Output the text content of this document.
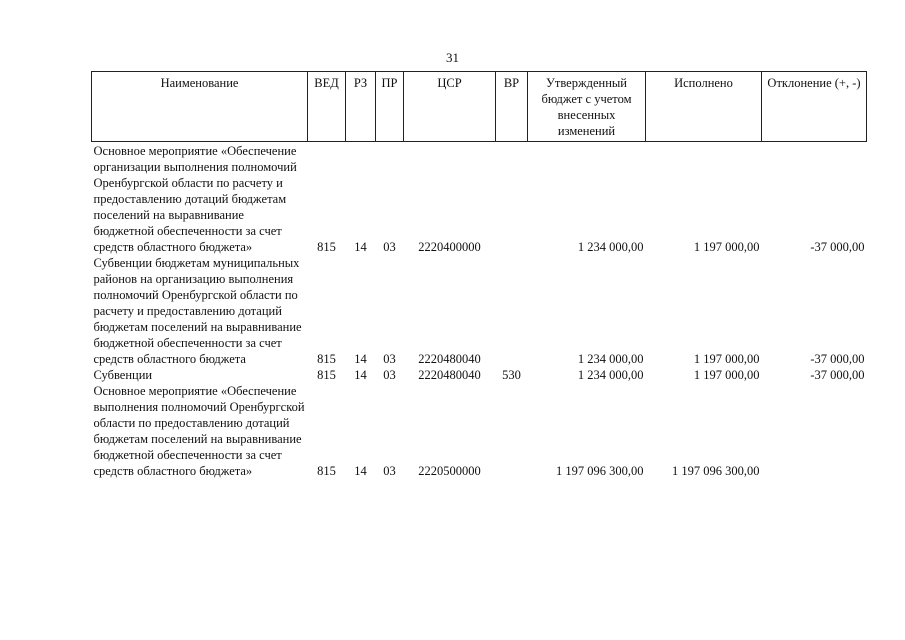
31
Наименование	ВЕД	РЗ	ПР	ЦСР	ВР	Утвержденный бюджет с учетом внесенных изменений	Исполнено	Отклонение (+, -)
Основное мероприятие «Обеспечение организации выполнения полномочий Оренбургской области по расчету и предоставлению дотаций бюджетам поселений на выравнивание бюджетной обеспеченности за счет средств областного бюджета»	815	14	03	2220400000		1 234 000,00	1 197 000,00	-37 000,00
Субвенции бюджетам муниципальных районов на организацию выполнения полномочий Оренбургской области по расчету и предоставлению дотаций бюджетам поселений на выравнивание бюджетной обеспеченности за счет средств областного бюджета	815	14	03	2220480040		1 234 000,00	1 197 000,00	-37 000,00
Субвенции	815	14	03	2220480040	530	1 234 000,00	1 197 000,00	-37 000,00
Основное мероприятие «Обеспечение выполнения полномочий Оренбургской области по предоставлению дотаций бюджетам поселений на выравнивание бюджетной обеспеченности за счет средств областного бюджета»	815	14	03	2220500000		1 197 096 300,00	1 197 096 300,00	
